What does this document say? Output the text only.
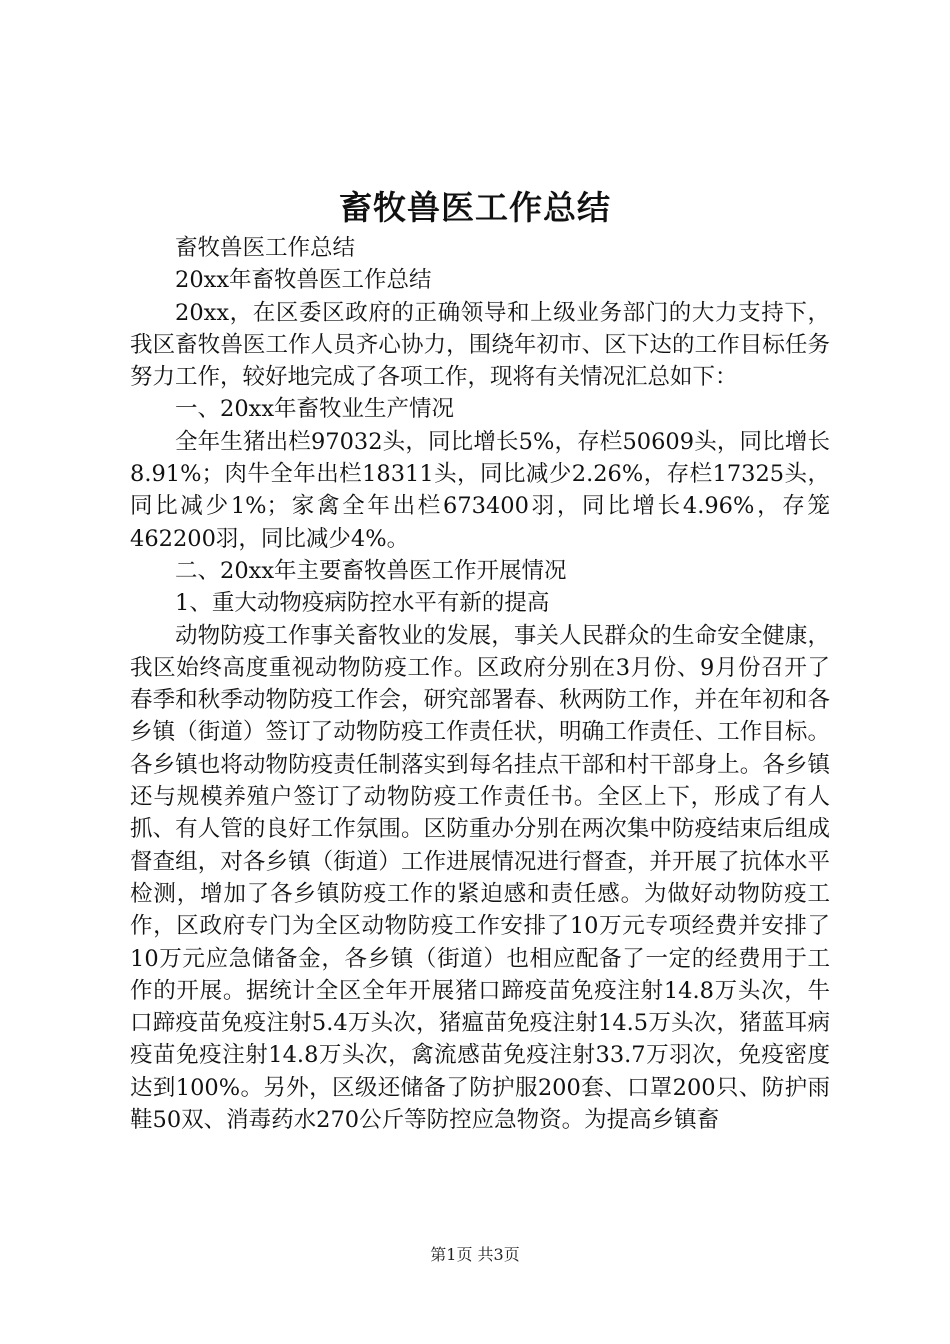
畜牧兽医工作总结

畜牧兽医工作总结

20xx年畜牧兽医工作总结

20xx，在区委区政府的正确领导和上级业务部门的大力支持下，我区畜牧兽医工作人员齐心协力，围绕年初市、区下达的工作目标任务努力工作，较好地完成了各项工作，现将有关情况汇总如下：

一、20xx年畜牧业生产情况

全年生猪出栏97032头，同比增长5%，存栏50609头，同比增长8.91%；肉牛全年出栏18311头，同比减少2.26%，存栏17325头，同比减少1%；家禽全年出栏673400羽，同比增长4.96%，存笼462200羽，同比减少4%。

二、20xx年主要畜牧兽医工作开展情况

1、重大动物疫病防控水平有新的提高

动物防疫工作事关畜牧业的发展，事关人民群众的生命安全健康，我区始终高度重视动物防疫工作。区政府分别在3月份、9月份召开了春季和秋季动物防疫工作会，研究部署春、秋两防工作，并在年初和各乡镇（街道）签订了动物防疫工作责任状，明确工作责任、工作目标。各乡镇也将动物防疫责任制落实到每名挂点干部和村干部身上。各乡镇还与规模养殖户签订了动物防疫工作责任书。全区上下，形成了有人抓、有人管的良好工作氛围。区防重办分别在两次集中防疫结束后组成督查组，对各乡镇（街道）工作进展情况进行督查，并开展了抗体水平检测，增加了各乡镇防疫工作的紧迫感和责任感。为做好动物防疫工作，区政府专门为全区动物防疫工作安排了10万元专项经费并安排了10万元应急储备金，各乡镇（街道）也相应配备了一定的经费用于工作的开展。据统计全区全年开展猪口蹄疫苗免疫注射14.8万头次，牛口蹄疫苗免疫注射5.4万头次，猪瘟苗免疫注射14.5万头次，猪蓝耳病疫苗免疫注射14.8万头次，禽流感苗免疫注射33.7万羽次，免疫密度达到100%。另外，区级还储备了防护服200套、口罩200只、防护雨鞋50双、消毒药水270公斤等防控应急物资。为提高乡镇畜

第1页 共3页
